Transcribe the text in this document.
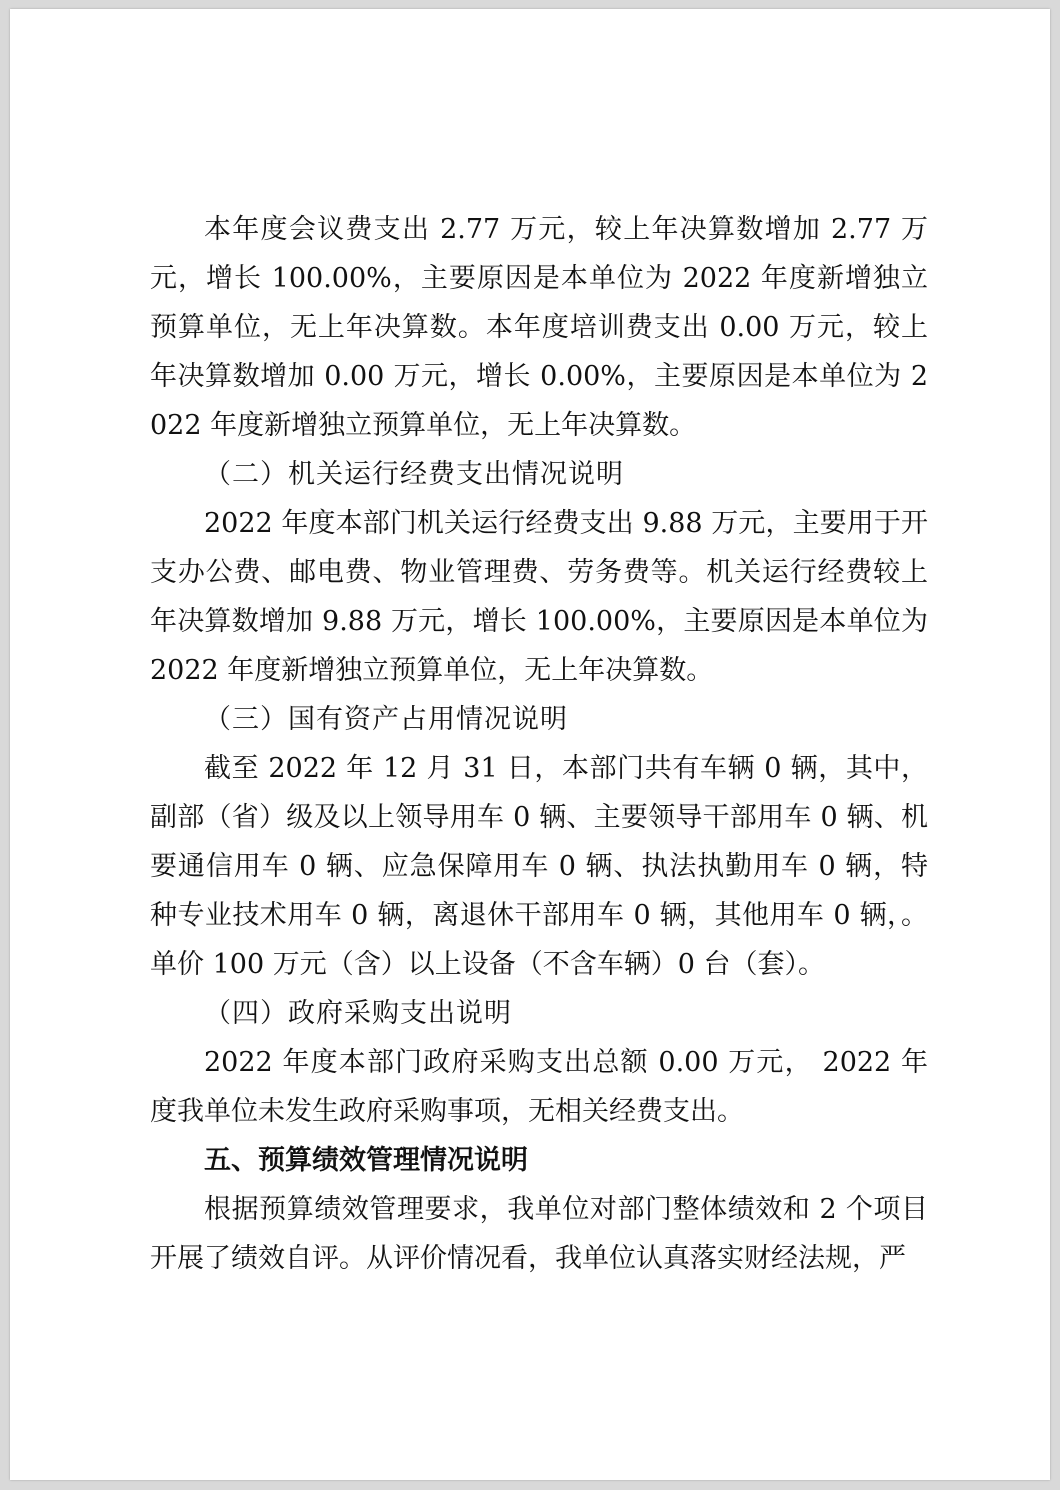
本年度会议费支出 2.77 万元，较上年决算数增加 2.77 万元，增长 100.00%，主要原因是本单位为 2022 年度新增独立预算单位，无上年决算数。本年度培训费支出 0.00 万元，较上年决算数增加 0.00 万元，增长 0.00%，主要原因是本单位为 2022 年度新增独立预算单位，无上年决算数。

（二）机关运行经费支出情况说明

2022 年度本部门机关运行经费支出 9.88 万元，主要用于开支办公费、邮电费、物业管理费、劳务费等。机关运行经费较上年决算数增加 9.88 万元，增长 100.00%，主要原因是本单位为 2022 年度新增独立预算单位，无上年决算数。

（三）国有资产占用情况说明

截至 2022 年 12 月 31 日，本部门共有车辆 0 辆，其中，副部（省）级及以上领导用车 0 辆、主要领导干部用车 0 辆、机要通信用车 0 辆、应急保障用车 0 辆、执法执勤用车 0 辆，特种专业技术用车 0 辆，离退休干部用车 0 辆，其他用车 0 辆，。单价 100 万元（含）以上设备（不含车辆）0 台（套）。

（四）政府采购支出说明

2022 年度本部门政府采购支出总额 0.00 万元， 2022 年度我单位未发生政府采购事项，无相关经费支出。

五、预算绩效管理情况说明

根据预算绩效管理要求，我单位对部门整体绩效和 2 个项目开展了绩效自评。从评价情况看，我单位认真落实财经法规，严
